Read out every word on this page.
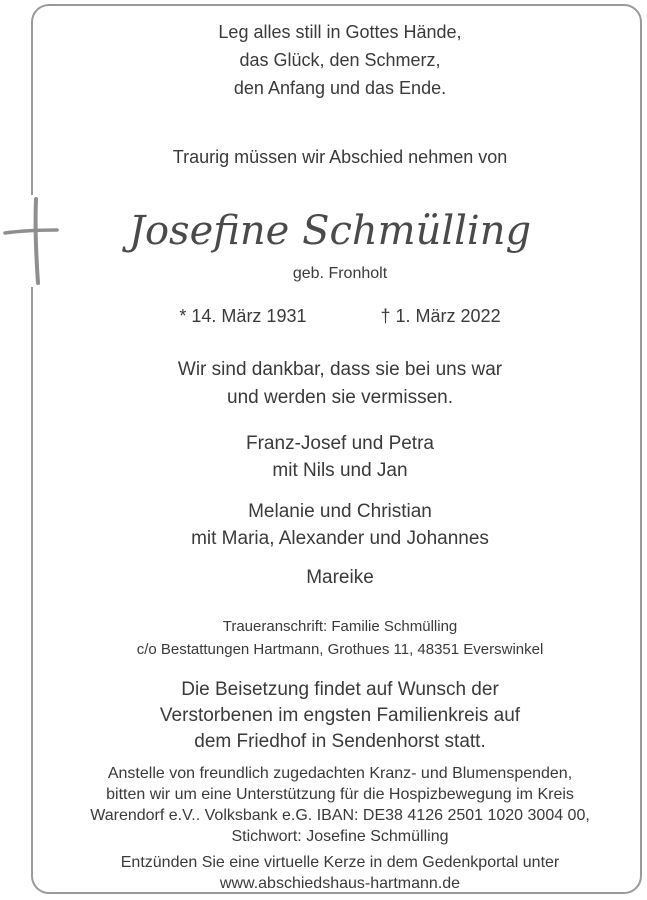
Leg alles still in Gottes Hände,
das Glück, den Schmerz,
den Anfang und das Ende.
Traurig müssen wir Abschied nehmen von
Josefine Schmülling
geb. Fronholt
* 14. März 1931	† 1. März 2022
Wir sind dankbar, dass sie bei uns war
und werden sie vermissen.
Franz-Josef und Petra
mit Nils und Jan
Melanie und Christian
mit Maria, Alexander und Johannes
Mareike
Traueranschrift: Familie Schmülling
c/o Bestattungen Hartmann, Grothues 11, 48351 Everswinkel
Die Beisetzung findet auf Wunsch der
Verstorbenen im engsten Familienkreis auf
dem Friedhof in Sendenhorst statt.
Anstelle von freundlich zugedachten Kranz- und Blumenspenden,
bitten wir um eine Unterstützung für die Hospizbewegung im Kreis
Warendorf e.V.. Volksbank e.G. IBAN: DE38 4126 2501 1020 3004 00,
Stichwort: Josefine Schmülling
Entzünden Sie eine virtuelle Kerze in dem Gedenkportal unter
www.abschiedshaus-hartmann.de
